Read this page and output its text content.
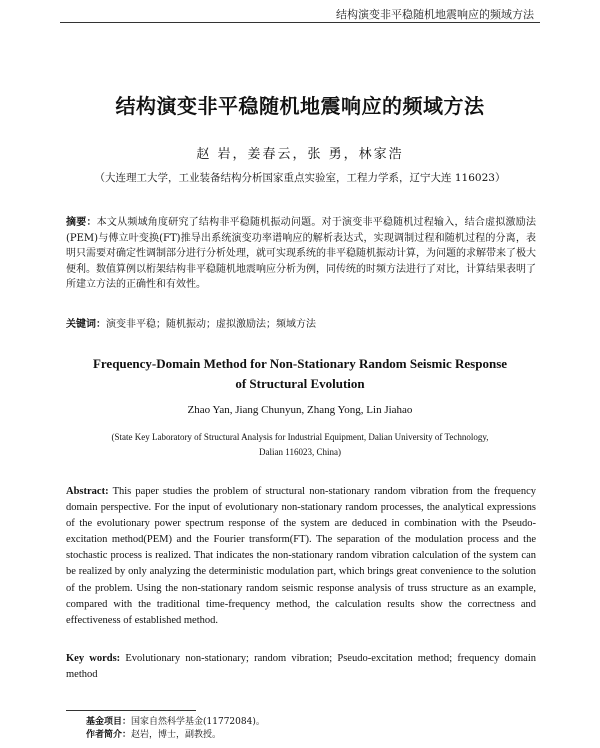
结构演变非平稳随机地震响应的频域方法
结构演变非平稳随机地震响应的频域方法
赵 岩，姜春云，张 勇，林家浩
（大连理工大学，工业装备结构分析国家重点实验室，工程力学系，辽宁大连 116023）
摘要：本文从频域角度研究了结构非平稳随机振动问题。对于演变非平稳随机过程输入，结合虚拟激励法(PEM)与傅立叶变换(FT)推导出系统演变功率谱响应的解析表达式，实现调制过程和随机过程的分离，表明只需要对确定性调制部分进行分析处理，就可实现系统的非平稳随机振动计算，为问题的求解带来了极大便利。数值算例以桁架结构非平稳随机地震响应分析为例，同传统的时频方法进行了对比，计算结果表明了所建立方法的正确性和有效性。
关键词：演变非平稳；随机振动；虚拟激励法；频域方法
Frequency-Domain Method for Non-Stationary Random Seismic Response of Structural Evolution
Zhao Yan, Jiang Chunyun, Zhang Yong, Lin Jiahao
(State Key Laboratory of Structural Analysis for Industrial Equipment, Dalian University of Technology, Dalian 116023, China)
Abstract: This paper studies the problem of structural non-stationary random vibration from the frequency domain perspective. For the input of evolutionary non-stationary random processes, the analytical expressions of the evolutionary power spectrum response of the system are deduced in combination with the Pseudo-excitation method(PEM) and the Fourier transform(FT). The separation of the modulation process and the stochastic process is realized. That indicates the non-stationary random vibration calculation of the system can be realized by only analyzing the deterministic modulation part, which brings great convenience to the solution of the problem. Using the non-stationary random seismic response analysis of truss structure as an example, compared with the traditional time-frequency method, the calculation results show the correctness and effectiveness of established method.
Key words: Evolutionary non-stationary; random vibration; Pseudo-excitation method; frequency domain method
基金项目：国家自然科学基金(11772084)。
作者简介：赵岩，博士，副教授。
